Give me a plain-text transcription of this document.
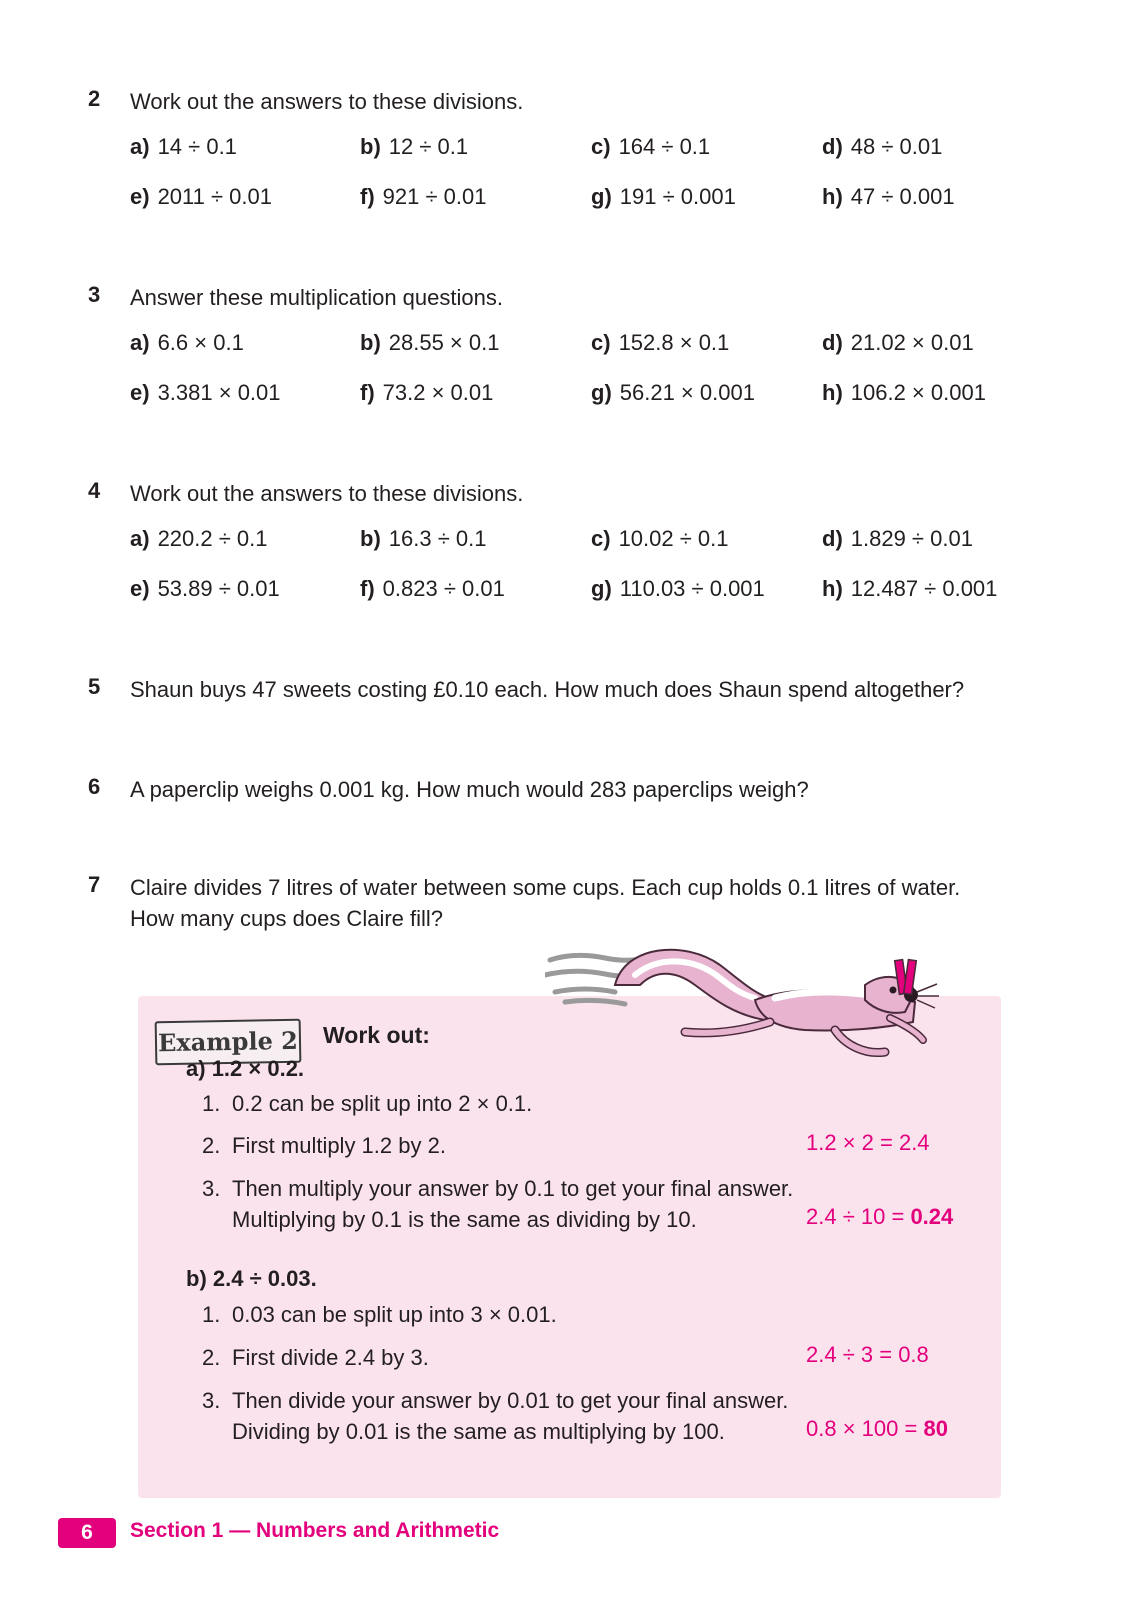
2 Work out the answers to these divisions.
a) 14 ÷ 0.1	b) 12 ÷ 0.1	c) 164 ÷ 0.1	d) 48 ÷ 0.01
e) 2011 ÷ 0.01	f) 921 ÷ 0.01	g) 191 ÷ 0.001	h) 47 ÷ 0.001
3 Answer these multiplication questions.
a) 6.6 × 0.1	b) 28.55 × 0.1	c) 152.8 × 0.1	d) 21.02 × 0.01
e) 3.381 × 0.01	f) 73.2 × 0.01	g) 56.21 × 0.001	h) 106.2 × 0.001
4 Work out the answers to these divisions.
a) 220.2 ÷ 0.1	b) 16.3 ÷ 0.1	c) 10.02 ÷ 0.1	d) 1.829 ÷ 0.01
e) 53.89 ÷ 0.01	f) 0.823 ÷ 0.01	g) 110.03 ÷ 0.001	h) 12.487 ÷ 0.001
5 Shaun buys 47 sweets costing £0.10 each. How much does Shaun spend altogether?
6 A paperclip weighs 0.001 kg. How much would 283 paperclips weigh?
7 Claire divides 7 litres of water between some cups. Each cup holds 0.1 litres of water.
How many cups does Claire fill?
Example 2 Work out:
a) 1.2 × 0.2.
1. 0.2 can be split up into 2 × 0.1.
2. First multiply 1.2 by 2.	1.2 × 2 = 2.4
3. Then multiply your answer by 0.1 to get your final answer.
Multiplying by 0.1 is the same as dividing by 10.	2.4 ÷ 10 = 0.24
b) 2.4 ÷ 0.03.
1. 0.03 can be split up into 3 × 0.01.
2. First divide 2.4 by 3.	2.4 ÷ 3 = 0.8
3. Then divide your answer by 0.01 to get your final answer.
Dividing by 0.01 is the same as multiplying by 100.	0.8 × 100 = 80
6	Section 1 — Numbers and Arithmetic
